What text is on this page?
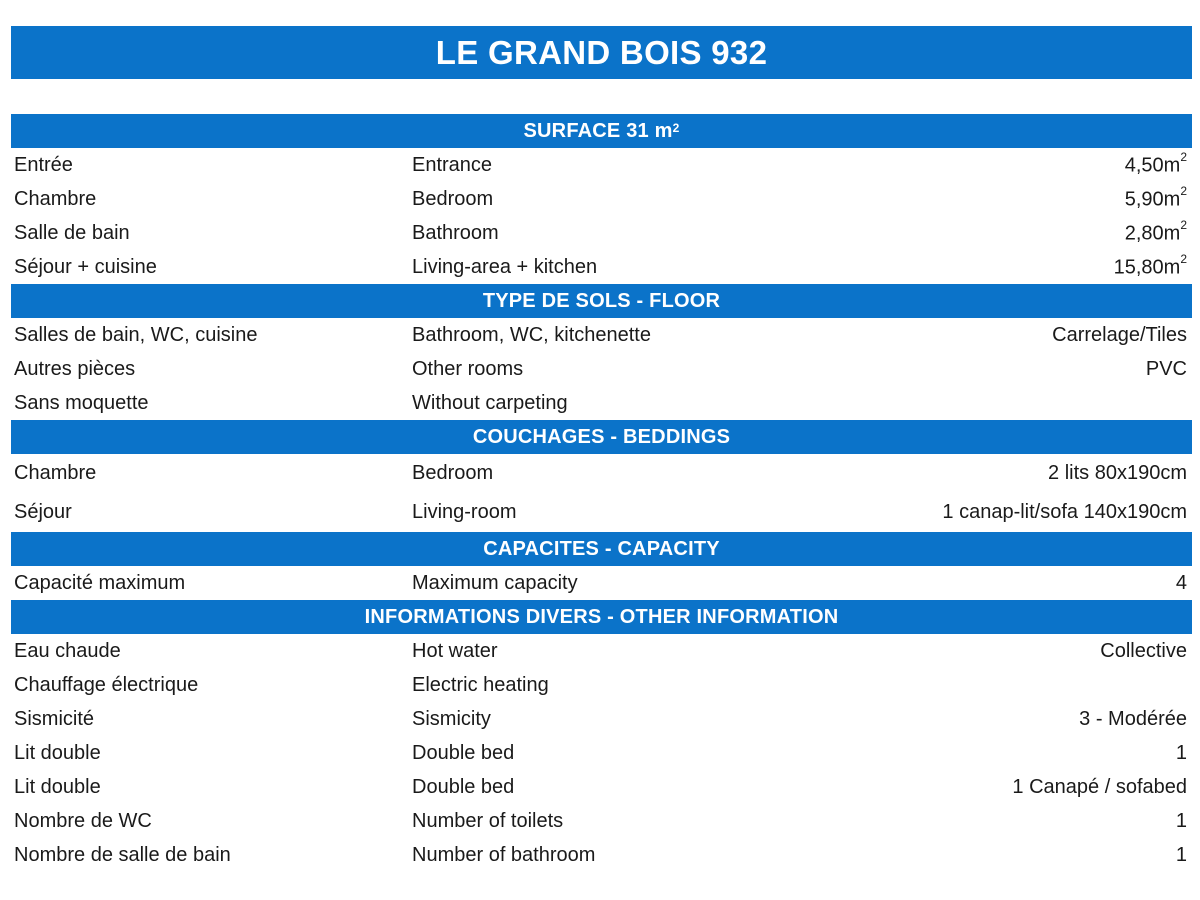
LE GRAND BOIS 932
SURFACE 31 $m^2$
Entrée	Entrance	$4,50m^2$
Chambre	Bedroom	$5,90m^2$
Salle de bain	Bathroom	$2,80m^2$
Séjour + cuisine	Living-area + kitchen	$15,80m^2$
TYPE DE SOLS - FLOOR
Salles de bain, WC, cuisine	Bathroom, WC, kitchenette	Carrelage/Tiles
Autres pièces	Other rooms	PVC
Sans moquette	Without carpeting
COUCHAGES - BEDDINGS
Chambre	Bedroom	2 lits 80x190cm
Séjour	Living-room	1 canap-lit/sofa 140x190cm
CAPACITES - CAPACITY
Capacité maximum	Maximum capacity	4
INFORMATIONS DIVERS - OTHER INFORMATION
Eau chaude	Hot water	Collective
Chauffage électrique	Electric heating
Sismicité	Sismicity	3 - Modérée
Lit double	Double bed	1
Lit double	Double bed	1 Canapé / sofabed
Nombre de WC	Number of toilets	1
Nombre de salle de bain	Number of bathroom	1
